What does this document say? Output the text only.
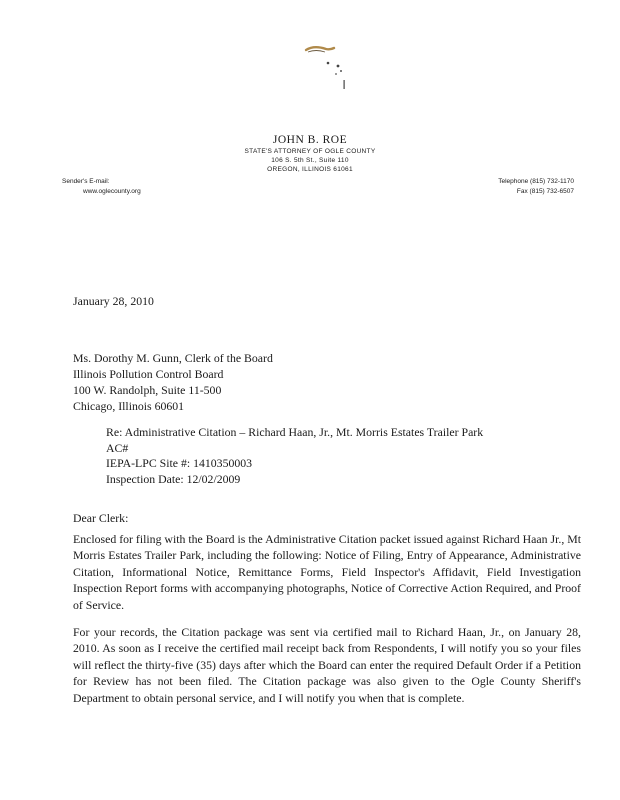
JOHN B. ROE
STATE'S ATTORNEY OF OGLE COUNTY
106 S. 5th St., Suite 110
OREGON, ILLINOIS 61061
Sender's E-mail:
www.oglecounty.org
Telephone (815) 732-1170
Fax (815) 732-6507
January 28, 2010
Ms. Dorothy M. Gunn, Clerk of the Board
Illinois Pollution Control Board
100 W. Randolph, Suite 11-500
Chicago, Illinois 60601
Re: Administrative Citation – Richard Haan, Jr., Mt. Morris Estates Trailer Park
AC#
IEPA-LPC Site #: 1410350003
Inspection Date: 12/02/2009
Dear Clerk:
Enclosed for filing with the Board is the Administrative Citation packet issued against Richard Haan Jr., Mt Morris Estates Trailer Park, including the following: Notice of Filing, Entry of Appearance, Administrative Citation, Informational Notice, Remittance Forms, Field Inspector's Affidavit, Field Investigation Inspection Report forms with accompanying photographs, Notice of Corrective Action Required, and Proof of Service.
For your records, the Citation package was sent via certified mail to Richard Haan, Jr., on January 28, 2010. As soon as I receive the certified mail receipt back from Respondents, I will notify you so your files will reflect the thirty-five (35) days after which the Board can enter the required Default Order if a Petition for Review has not been filed. The Citation package was also given to the Ogle County Sheriff's Department to obtain personal service, and I will notify you when that is complete.
